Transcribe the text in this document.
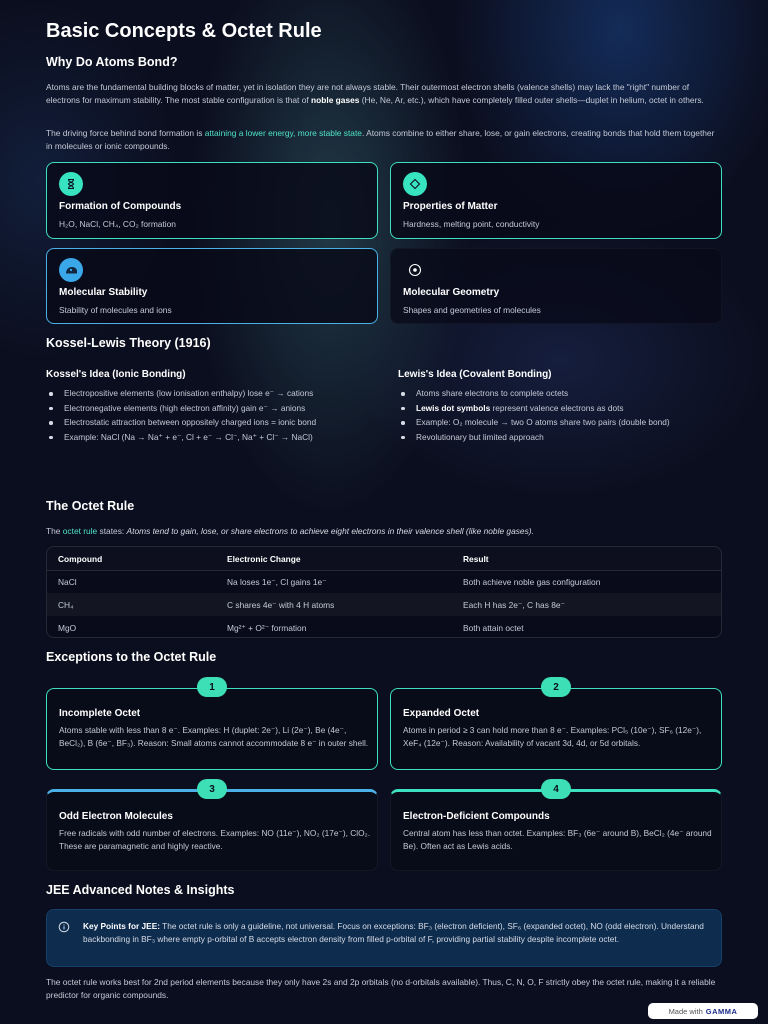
Basic Concepts & Octet Rule
Why Do Atoms Bond?

Atoms are the fundamental building blocks of matter, yet in isolation they are not always stable. Their outermost electron shells (valence shells) may lack the "right" number of electrons for maximum stability. The most stable configuration is that of noble gases (He, Ne, Ar, etc.), which have completely filled outer shells—duplet in helium, octet in others.

The driving force behind bond formation is attaining a lower energy, more stable state. Atoms combine to either share, lose, or gain electrons, creating bonds that hold them together in molecules or ionic compounds.

Formation of Compounds
H₂O, NaCl, CH₄, CO₂ formation
Properties of Matter
Hardness, melting point, conductivity
Molecular Stability
Stability of molecules and ions
Molecular Geometry
Shapes and geometries of molecules
Kossel-Lewis Theory (1916)
Kossel's Idea (Ionic Bonding)
Electropositive elements (low ionisation enthalpy) lose e⁻ → cations
Electronegative elements (high electron affinity) gain e⁻ → anions
Electrostatic attraction between oppositely charged ions = ionic bond
Example: NaCl (Na → Na⁺ + e⁻, Cl + e⁻ → Cl⁻, Na⁺ + Cl⁻ → NaCl)
Lewis's Idea (Covalent Bonding)
Atoms share electrons to complete octets
Lewis dot symbols represent valence electrons as dots
Example: O₂ molecule → two O atoms share two pairs (double bond)
Revolutionary but limited approach
The Octet Rule

The octet rule states: Atoms tend to gain, lose, or share electrons to achieve eight electrons in their valence shell (like noble gases).

Compound	Electronic Change	Result
NaCl	Na loses 1e⁻, Cl gains 1e⁻	Both achieve noble gas configuration
CH₄	C shares 4e⁻ with 4 H atoms	Each H has 2e⁻, C has 8e⁻
MgO	Mg²⁺ + O²⁻ formation	Both attain octet
Exceptions to the Octet Rule
Incomplete Octet
Atoms stable with less than 8 e⁻. Examples: H (duplet: 2e⁻), Li (2e⁻), Be (4e⁻, BeCl₂), B (6e⁻, BF₃). Reason: Small atoms cannot accommodate 8 e⁻ in outer shell.
1
Expanded Octet
Atoms in period ≥ 3 can hold more than 8 e⁻. Examples: PCl₅ (10e⁻), SF₆ (12e⁻), XeF₄ (12e⁻). Reason: Availability of vacant 3d, 4d, or 5d orbitals.
2
Odd Electron Molecules
Free radicals with odd number of electrons. Examples: NO (11e⁻), NO₂ (17e⁻), ClO₂. These are paramagnetic and highly reactive.
3
Electron-Deficient Compounds
Central atom has less than octet. Examples: BF₃ (6e⁻ around B), BeCl₂ (4e⁻ around Be). Often act as Lewis acids.
4
JEE Advanced Notes & Insights
Key Points for JEE: The octet rule is only a guideline, not universal. Focus on exceptions: BF₃ (electron deficient), SF₆ (expanded octet), NO (odd electron). Understand backbonding in BF₃ where empty p-orbital of B accepts electron density from filled p-orbital of F, providing partial stability despite incomplete octet.

The octet rule works best for 2nd period elements because they only have 2s and 2p orbitals (no d-orbitals available). Thus, C, N, O, F strictly obey the octet rule, making it a reliable predictor for organic compounds.

Made with GAMMA
